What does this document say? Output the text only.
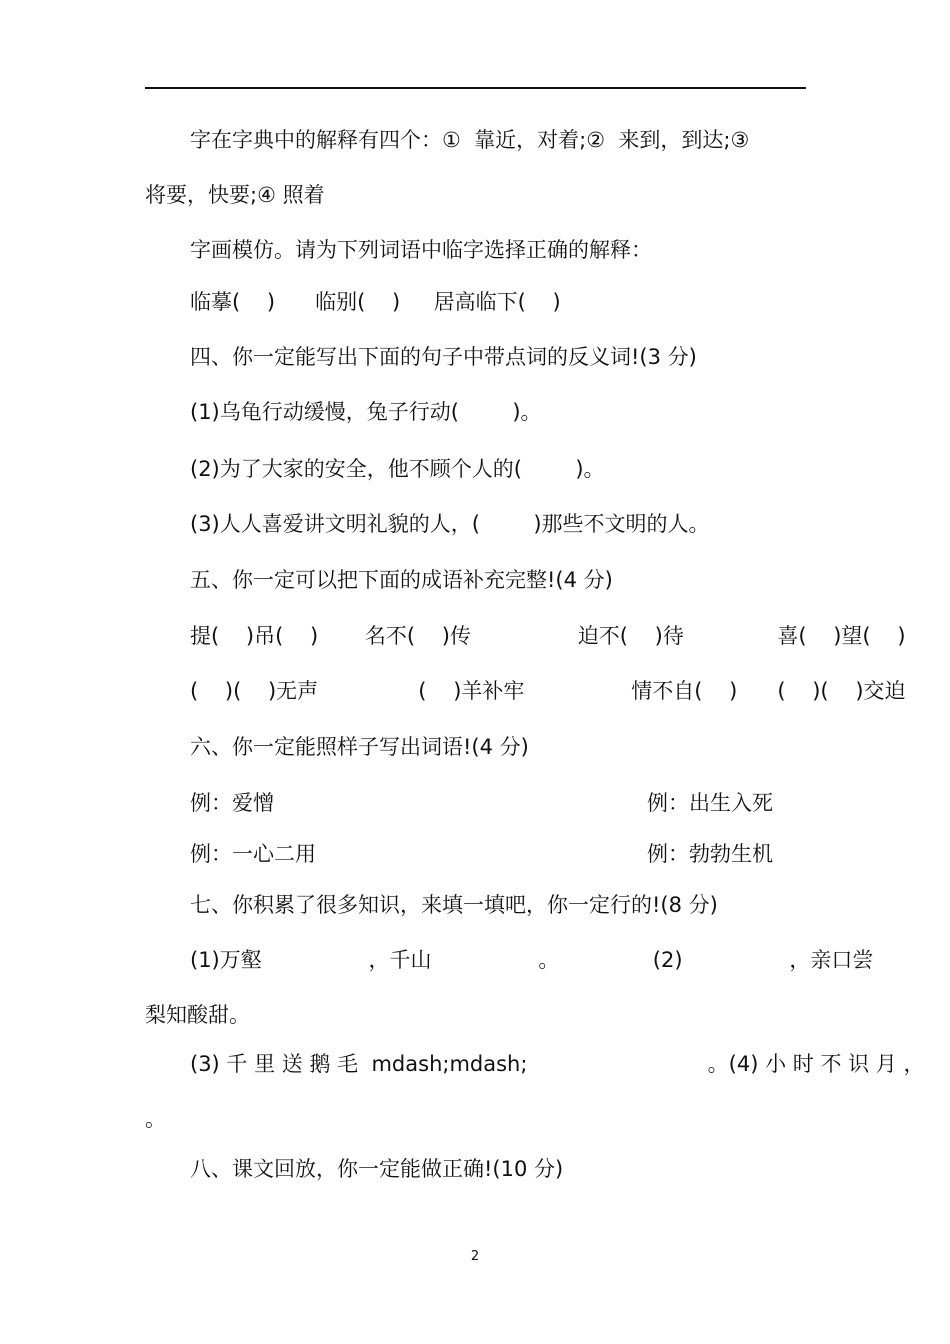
字在字典中的解释有四个：①  靠近，对着;②  来到，到达;③
将要，快要;④ 照着
字画模仿。请为下列词语中临字选择正确的解释：
临摹(    )      临别(    )     居高临下(    )
四、你一定能写出下面的句子中带点词的反义词!(3 分)
(1)乌龟行动缓慢，兔子行动(        )。
(2)为了大家的安全，他不顾个人的(        )。
(3)人人喜爱讲文明礼貌的人，(        )那些不文明的人。
五、你一定可以把下面的成语补充完整!(4 分)
提(    )吊(    )       名不(    )传                迫不(    )待              喜(    )望(    )
(    )(    )无声               (    )羊补牢                情不自(    )      (    )(    )交迫
六、你一定能照样子写出词语!(4 分)
例：爱憎	例：出生入死
例：一心二用	例：勃勃生机
七、你积累了很多知识，来填一填吧，你一定行的!(8 分)
(1)万壑                ，千山                。              (2)                ，亲口尝
梨知酸甜。
(3) 千 里 送 鹅 毛  mdash;mdash;                           。(4) 小 时 不 识 月 ，
。
八、课文回放，你一定能做正确!(10 分)
2
